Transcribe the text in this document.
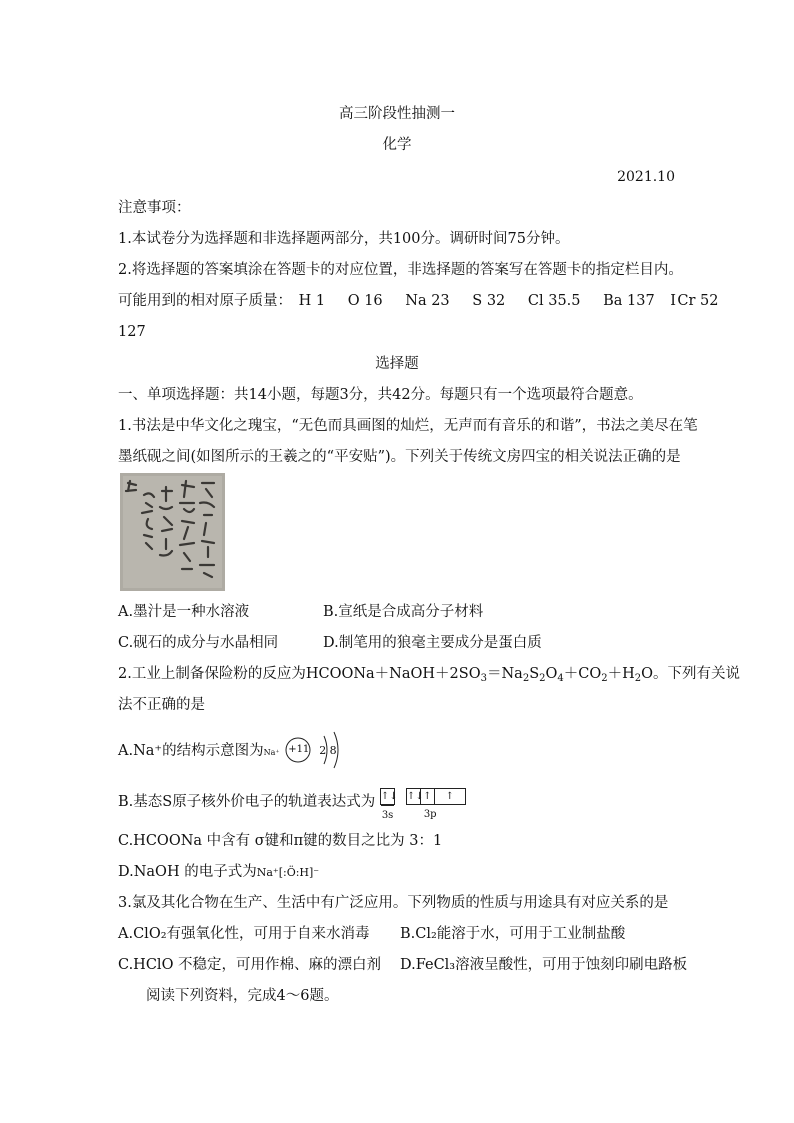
高三阶段性抽测一
化学
2021.10
注意事项：
1.本试卷分为选择题和非选择题两部分，共100分。调研时间75分钟。
2.将选择题的答案填涂在答题卡的对应位置，非选择题的答案写在答题卡的指定栏目内。
可能用到的相对原子质量： H 1 O 16 Na 23 S 32 Cl 35.5 Ba 137 Cr 52
I
127
选择题
一、单项选择题：共14小题，每题3分，共42分。每题只有一个选项最符合题意。
1.书法是中华文化之瑰宝，“无色而具画图的灿烂，无声而有音乐的和谐”，书法之美尽在笔
墨纸砚之间(如图所示的王羲之的“平安贴”)。下列关于传统文房四宝的相关说法正确的是
A.墨汁是一种水溶液	B.宣纸是合成高分子材料
C.砚石的成分与水晶相同	D.制笔用的狼毫主要成分是蛋白质
2.工业上制备保险粉的反应为$HCOONa+NaOH+2SO_3=Na_2S_2O_4+CO_2+H_2O$。下列有关说
法不正确的是
A.Na⁺的结构示意图为Na⁺ +11 2 8
B.基态S原子核外价电子的轨道表达式为 ↑↓ ↑↓ ↑	↑
3s	3p
C.HCOONa 中含有 σ键和π键的数目之比为 3：1
D.NaOH 的电子式为Na⁺[:Ö:H]⁻
3.氯及其化合物在生产、生活中有广泛应用。下列物质的性质与用途具有对应关系的是
A.ClO₂有强氧化性，可用于自来水消毒 B.Cl₂能溶于水，可用于工业制盐酸
C.HClO 不稳定，可用作棉、麻的漂白剂 D.FeCl₃溶液呈酸性，可用于蚀刻印刷电路板
阅读下列资料，完成4～6题。
